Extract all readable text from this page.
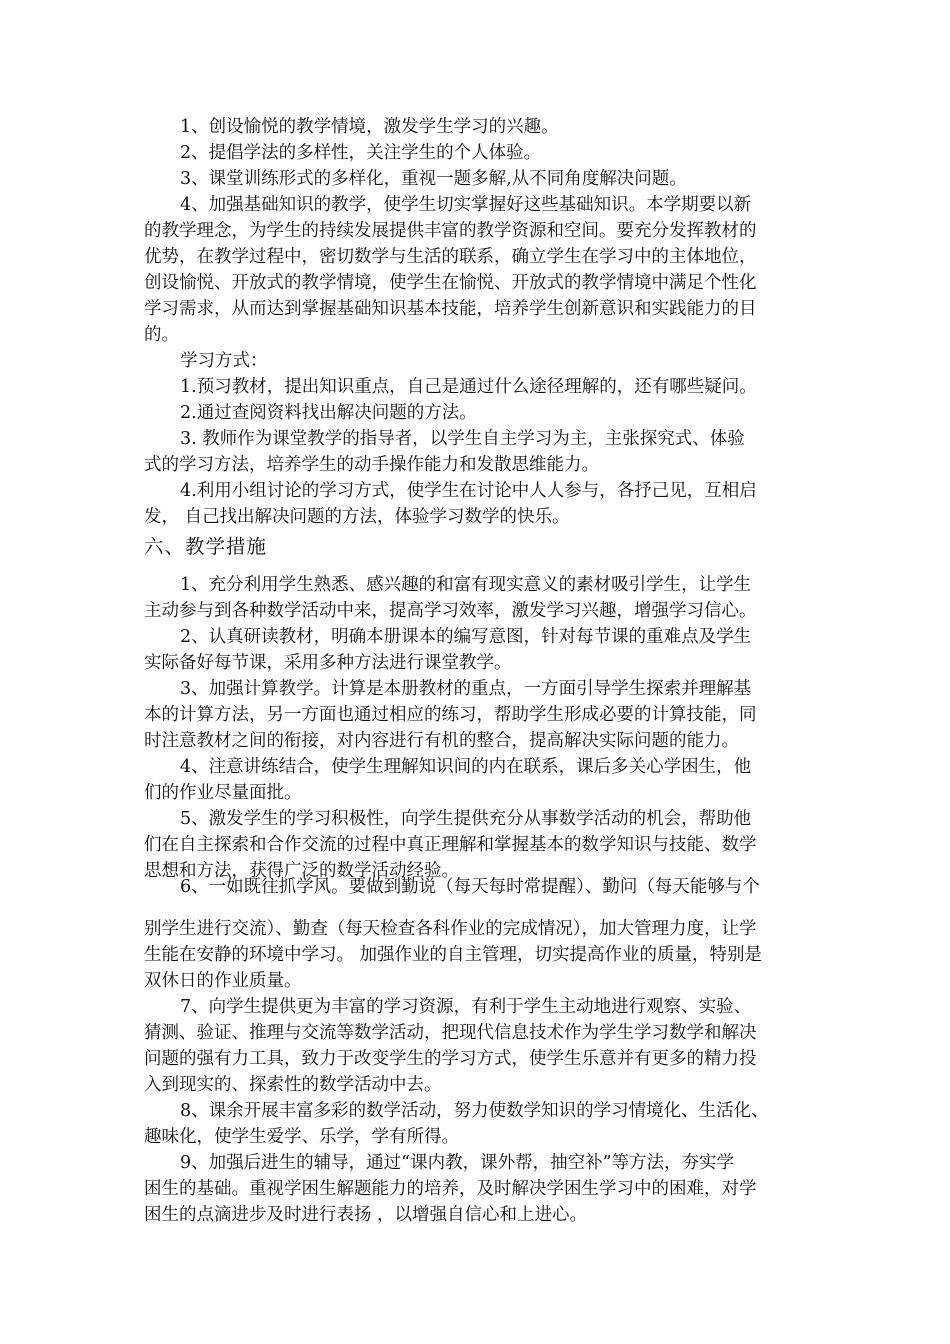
1、创设愉悦的教学情境，激发学生学习的兴趣。
2、提倡学法的多样性，关注学生的个人体验。
3、课堂训练形式的多样化，重视一题多解,从不同角度解决问题。
4、加强基础知识的教学，使学生切实掌握好这些基础知识。本学期要以新
的教学理念，为学生的持续发展提供丰富的教学资源和空间。要充分发挥教材的
优势，在教学过程中，密切数学与生活的联系，确立学生在学习中的主体地位，
创设愉悦、开放式的教学情境，使学生在愉悦、开放式的教学情境中满足个性化
学习需求，从而达到掌握基础知识基本技能，培养学生创新意识和实践能力的目
的。
学习方式：
1.预习教材，提出知识重点，自己是通过什么途径理解的，还有哪些疑问。
2.通过查阅资料找出解决问题的方法。
3. 教师作为课堂教学的指导者，以学生自主学习为主，主张探究式、体验
式的学习方法，培养学生的动手操作能力和发散思维能力。
4.利用小组讨论的学习方式，使学生在讨论中人人参与，各抒己见，互相启
发， 自己找出解决问题的方法，体验学习数学的快乐。
六、教学措施
1、充分利用学生熟悉、感兴趣的和富有现实意义的素材吸引学生，让学生
主动参与到各种数学活动中来，提高学习效率，激发学习兴趣，增强学习信心。
2、认真研读教材，明确本册课本的编写意图，针对每节课的重难点及学生
实际备好每节课，采用多种方法进行课堂教学。
3、加强计算教学。计算是本册教材的重点，一方面引导学生探索并理解基
本的计算方法，另一方面也通过相应的练习，帮助学生形成必要的计算技能，同
时注意教材之间的衔接，对内容进行有机的整合，提高解决实际问题的能力。
4、注意讲练结合，使学生理解知识间的内在联系，课后多关心学困生，他
们的作业尽量面批。
5、激发学生的学习积极性，向学生提供充分从事数学活动的机会，帮助他
们在自主探索和合作交流的过程中真正理解和掌握基本的数学知识与技能、数学
思想和方法，获得广泛的数学活动经验。
6、一如既往抓学风。要做到勤说（每天每时常提醒）、勤问（每天能够与个
别学生进行交流）、勤查（每天检查各科作业的完成情况），加大管理力度，让学
生能在安静的环境中学习。 加强作业的自主管理，切实提高作业的质量，特别是
双休日的作业质量。
7、向学生提供更为丰富的学习资源，有利于学生主动地进行观察、实验、
猜测、验证、推理与交流等数学活动，把现代信息技术作为学生学习数学和解决
问题的强有力工具，致力于改变学生的学习方式，使学生乐意并有更多的精力投
入到现实的、探索性的数学活动中去。
8、课余开展丰富多彩的数学活动，努力使数学知识的学习情境化、生活化、
趣味化，使学生爱学、乐学，学有所得。
9、加强后进生的辅导，通过“课内教，课外帮，抽空补”等方法，夯实学
困生的基础。重视学困生解题能力的培养，及时解决学困生学习中的困难，对学
困生的点滴进步及时进行表扬 ，以增强自信心和上进心。
